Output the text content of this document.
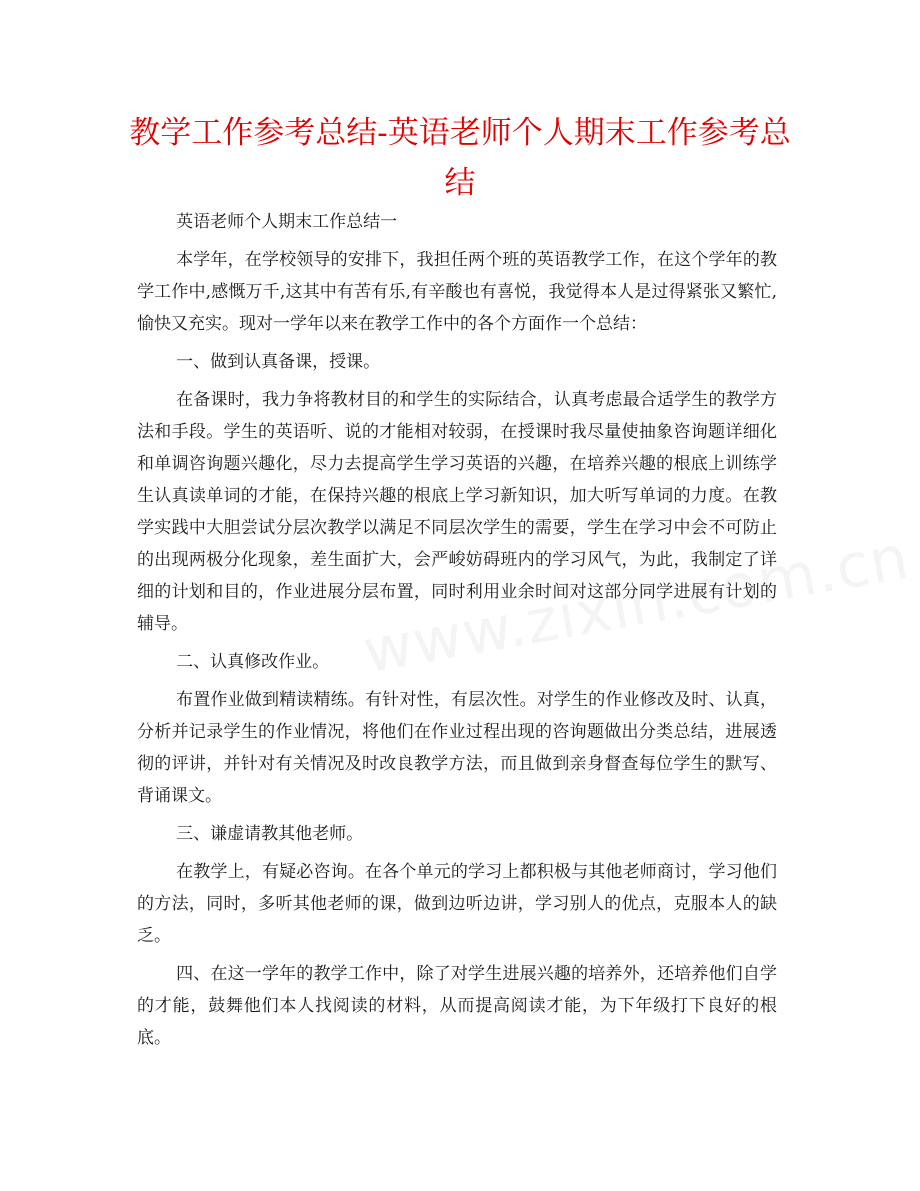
教学工作参考总结-英语老师个人期末工作参考总结

英语老师个人期末工作总结一

本学年，在学校领导的安排下，我担任两个班的英语教学工作，在这个学年的教学工作中,感慨万千,这其中有苦有乐,有辛酸也有喜悦，我觉得本人是过得紧张又繁忙,愉快又充实。现对一学年以来在教学工作中的各个方面作一个总结：

一、做到认真备课，授课。

在备课时，我力争将教材目的和学生的实际结合，认真考虑最合适学生的教学方法和手段。学生的英语听、说的才能相对较弱，在授课时我尽量使抽象咨询题详细化和单调咨询题兴趣化，尽力去提高学生学习英语的兴趣，在培养兴趣的根底上训练学生认真读单词的才能，在保持兴趣的根底上学习新知识，加大听写单词的力度。在教学实践中大胆尝试分层次教学以满足不同层次学生的需要，学生在学习中会不可防止的出现两极分化现象，差生面扩大，会严峻妨碍班内的学习风气，为此，我制定了详细的计划和目的，作业进展分层布置，同时利用业余时间对这部分同学进展有计划的辅导。

二、认真修改作业。

布置作业做到精读精练。有针对性，有层次性。对学生的作业修改及时、认真，分析并记录学生的作业情况，将他们在作业过程出现的咨询题做出分类总结，进展透彻的评讲，并针对有关情况及时改良教学方法，而且做到亲身督查每位学生的默写、背诵课文。

三、谦虚请教其他老师。

在教学上，有疑必咨询。在各个单元的学习上都积极与其他老师商讨，学习他们的方法，同时，多听其他老师的课，做到边听边讲，学习别人的优点，克服本人的缺乏。

四、在这一学年的教学工作中，除了对学生进展兴趣的培养外，还培养他们自学的才能，鼓舞他们本人找阅读的材料，从而提高阅读才能，为下年级打下良好的根底。
